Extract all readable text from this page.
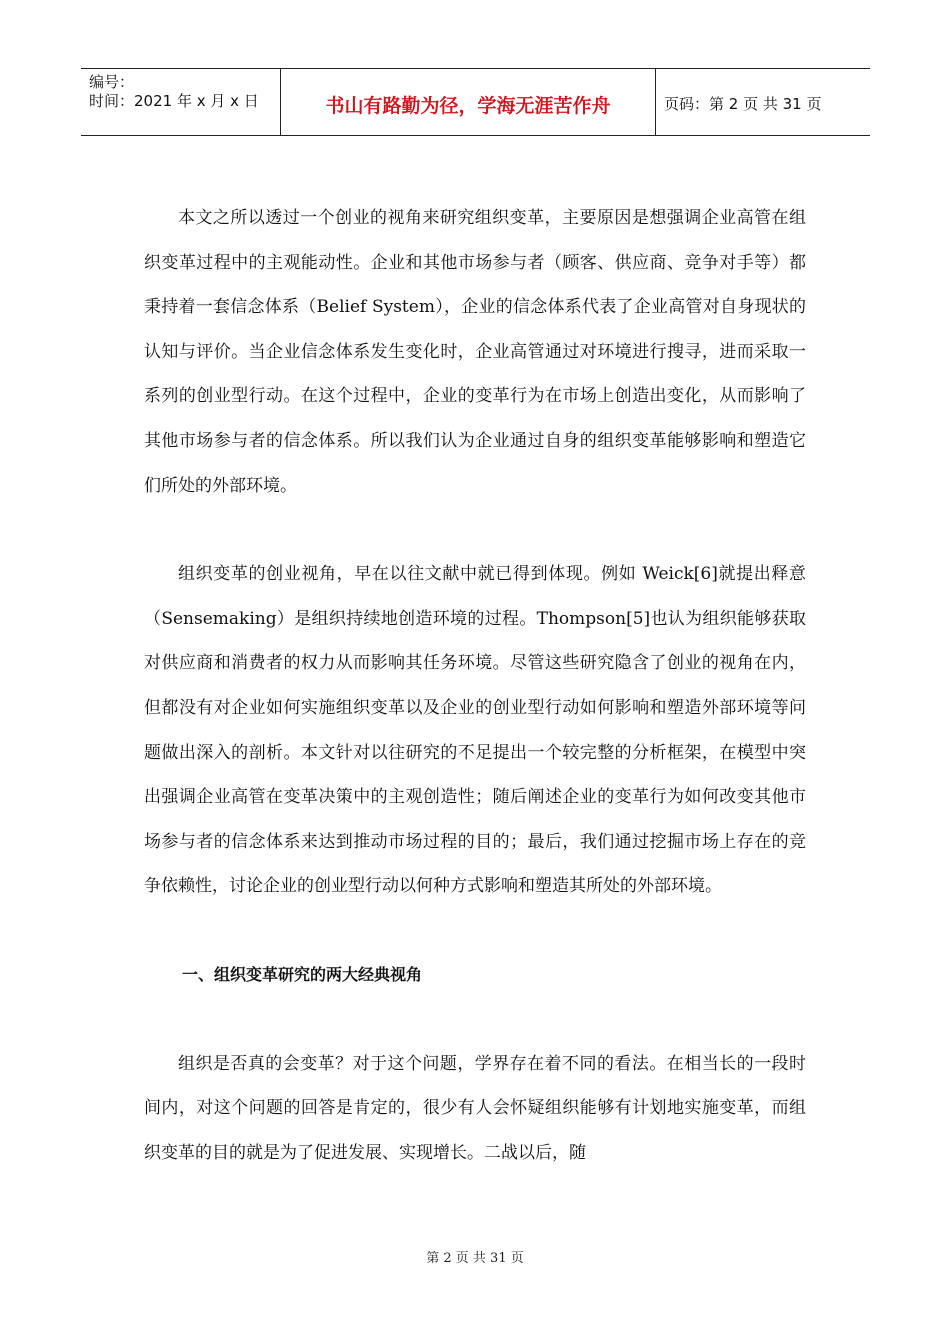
编号：
时间：2021 年 x 月 x 日	书山有路勤为径，学海无涯苦作舟	页码：第 2 页 共 31 页

本文之所以透过一个创业的视角来研究组织变革，主要原因是想强调企业高管在组织变革过程中的主观能动性。企业和其他市场参与者（顾客、供应商、竞争对手等）都秉持着一套信念体系（Belief System），企业的信念体系代表了企业高管对自身现状的认知与评价。当企业信念体系发生变化时，企业高管通过对环境进行搜寻，进而采取一系列的创业型行动。在这个过程中，企业的变革行为在市场上创造出变化，从而影响了其他市场参与者的信念体系。所以我们认为企业通过自身的组织变革能够影响和塑造它们所处的外部环境。

组织变革的创业视角，早在以往文献中就已得到体现。例如 Weick[6]就提出释意（Sensemaking）是组织持续地创造环境的过程。Thompson[5]也认为组织能够获取对供应商和消费者的权力从而影响其任务环境。尽管这些研究隐含了创业的视角在内，但都没有对企业如何实施组织变革以及企业的创业型行动如何影响和塑造外部环境等问题做出深入的剖析。本文针对以往研究的不足提出一个较完整的分析框架，在模型中突出强调企业高管在变革决策中的主观创造性；随后阐述企业的变革行为如何改变其他市场参与者的信念体系来达到推动市场过程的目的；最后，我们通过挖掘市场上存在的竞争依赖性，讨论企业的创业型行动以何种方式影响和塑造其所处的外部环境。

一、组织变革研究的两大经典视角

组织是否真的会变革？对于这个问题，学界存在着不同的看法。在相当长的一段时间内，对这个问题的回答是肯定的，很少有人会怀疑组织能够有计划地实施变革，而组织变革的目的就是为了促进发展、实现增长。二战以后，随

第 2 页 共 31 页
